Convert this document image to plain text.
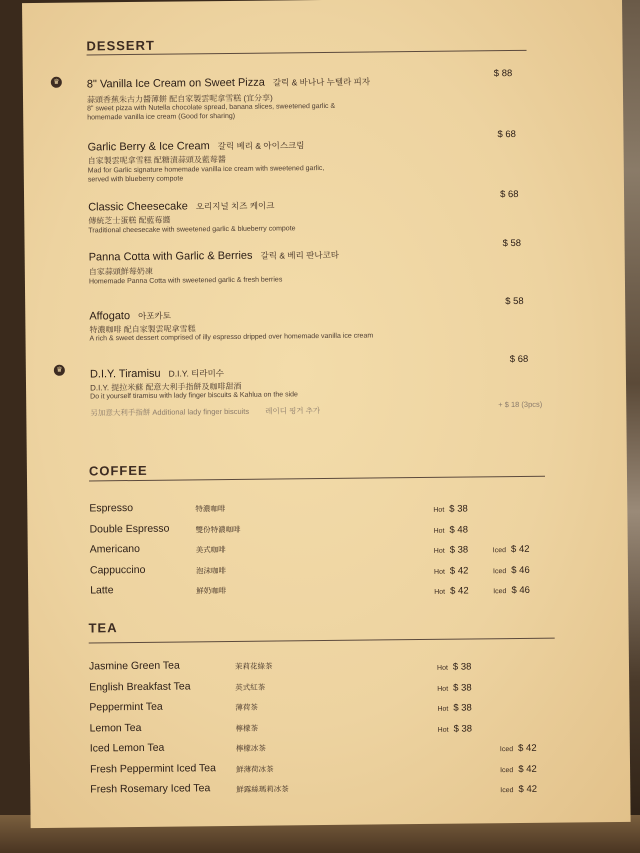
DESSERT
♛ 8" Vanilla Ice Cream on Sweet Pizza 갈릭 & 바나나 누텔라 피자
蒜頭香蕉朱古力醬薄餅 配自家製雲呢拿雪糕 (宜分享)
8" sweet pizza with Nutella chocolate spread, banana slices, sweetened garlic &
homemade vanilla ice cream (Good for sharing)
$ 88
Garlic Berry & Ice Cream 갈릭 베리 & 아이스크림
自家製雲呢拿雪糕 配糖漬蒜頭及藍莓醬
Mad for Garlic signature homemade vanilla ice cream with sweetened garlic,
served with blueberry compote
$ 68
Classic Cheesecake 오리지널 치즈 케이크
傳統芝士蛋糕 配藍莓醬
Traditional cheesecake with sweetened garlic & blueberry compote
$ 68
Panna Cotta with Garlic & Berries 갈릭 & 베리 판나코타
自家蒜頭鮮莓奶凍
Homemade Panna Cotta with sweetened garlic & fresh berries
$ 58
Affogato 아포카토
特濃咖啡 配自家製雲呢拿雪糕
A rich & sweet dessert comprised of illy espresso dripped over homemade vanilla ice cream
$ 58
♛ D.I.Y. Tiramisu D.I.Y. 티라미수
D.I.Y. 提拉米蘇 配意大利手指餅及咖啡甜酒
Do it yourself tiramisu with lady finger biscuits & Kahlua on the side
$ 68
另加意大利手指餅 Additional lady finger biscuits 레이디 핑거 추가
+ $ 18 (3pcs)
COFFEE
Espresso	特濃咖啡	Hot $ 38
Double Espresso	雙份特濃咖啡	Hot $ 48
Americano	美式咖啡	Hot $ 38	Iced $ 42
Cappuccino	泡沫咖啡	Hot $ 42	Iced $ 46
Latte	鮮奶咖啡	Hot $ 42	Iced $ 46
TEA
Jasmine Green Tea	茉莉花綠茶	Hot $ 38
English Breakfast Tea	英式紅茶	Hot $ 38
Peppermint Tea	薄荷茶	Hot $ 38
Lemon Tea	檸檬茶	Hot $ 38
Iced Lemon Tea	檸檬冰茶	Iced $ 42
Fresh Peppermint Iced Tea	鮮薄荷冰茶	Iced $ 42
Fresh Rosemary Iced Tea	鮮露絲瑪莉冰茶	Iced $ 42
